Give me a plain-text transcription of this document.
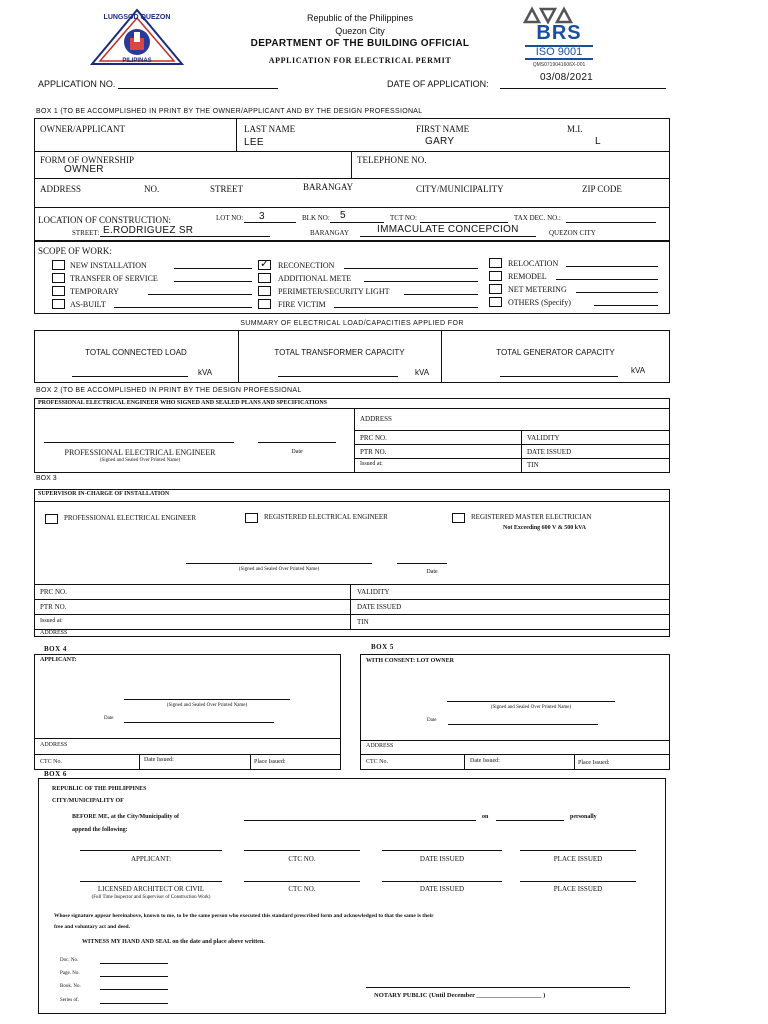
LUNGSOD QUEZON
PILIPINAS
Republic of the Philippines
Quezon City
DEPARTMENT OF THE BUILDING OFFICIAL
APPLICATION FOR ELECTRICAL PERMIT
BRS
ISO 9001
QMS0719041606X-001
APPLICATION NO.	DATE OF APPLICATION:
03/08/2021
BOX 1 (TO BE ACCOMPLISHED IN PRINT BY THE OWNER/APPLICANT AND BY THE DESIGN PROFESSIONAL
OWNER/APPLICANT	LAST NAME
LEE
FIRST NAME
GARY
M.I.
L
FORM OF OWNERSHIP
OWNER
TELEPHONE NO.
ADDRESS	NO.	STREET	BARANGAY	CITY/MUNICIPALITY	ZIP CODE
LOCATION OF CONSTRUCTION:	LOT NO: 3	BLK NO: 5	TCT NO:	TAX DEC. NO.:
STREET: E.RODRIGUEZ SR	BARANGAY	IMMACULATE CONCEPCION	QUEZON CITY
SCOPE OF WORK:
NEW INSTALLATION
TRANSFER OF SERVICE
TEMPORARY
AS-BUILT
✓ RECONECTION
ADDITIONAL METE
PERIMETER/SECURITY LIGHT
FIRE VICTIM
RELOCATION
REMODEL
NET METERING
OTHERS (Specify)
SUMMARY OF ELECTRICAL LOAD/CAPACITIES APPLIED FOR
TOTAL CONNECTED LOAD
kVA
TOTAL TRANSFORMER CAPACITY
kVA
TOTAL GENERATOR CAPACITY
kVA
BOX 2 (TO BE ACCOMPLISHED IN PRINT BY THE DESIGN PROFESSIONAL
PROFESSIONAL ELECTRICAL ENGINEER WHO SIGNED AND SEALED PLANS AND SPECIFICATIONS
ADDRESS
PRC NO.	VALIDITY
PTR NO.	DATE ISSUED
Issued at:	TIN
PROFESSIONAL ELECTRICAL ENGINEER
(Signed and Sealed Over Printed Name)
Date
BOX 3
SUPERVISOR IN-CHARGE OF INSTALLATION
PROFESSIONAL ELECTRICAL ENGINEER	REGISTERED ELECTRICAL ENGINEER	REGISTERED MASTER ELECTRICIAN
Not Exceeding 600 V & 500 kVA
(Signed and Sealed Over Printed Name)	Date
PRC NO.	VALIDITY
PTR NO.	DATE ISSUED
Issued at:	TIN
ADDRESS
BOX 4
APPLICANT:
(Signed and Sealed Over Printed Name)
Date
ADDRESS
CTC No.	Date Issued:	Place Issued:
BOX 5
WITH CONSENT: LOT OWNER
(Signed and Sealed Over Printed Name)
Date
ADDRESS
CTC No.	Date Issued:	Place Issued:
BOX 6
REPUBLIC OF THE PHILIPPINES
CITY/MUNICIPALITY OF
BEFORE ME, at the City/Municipality of	on	personally
append the following:
APPLICANT:	CTC NO.	DATE ISSUED	PLACE ISSUED
LICENSED ARCHITECT OR CIVIL
(Full Time Inspector and Supervisor of Construction Work)
CTC NO.	DATE ISSUED	PLACE ISSUED
Whose signature appear hereinabove, known to me, to be the same person who executed this standard prescribed form and acknowledged to that the same is their
free and voluntary act and deed.
WITNESS MY HAND AND SEAL on the date and place above written.
Doc. No.
Page. No.
Book. No.
Series of.
NOTARY PUBLIC (Until December ____________________ )
